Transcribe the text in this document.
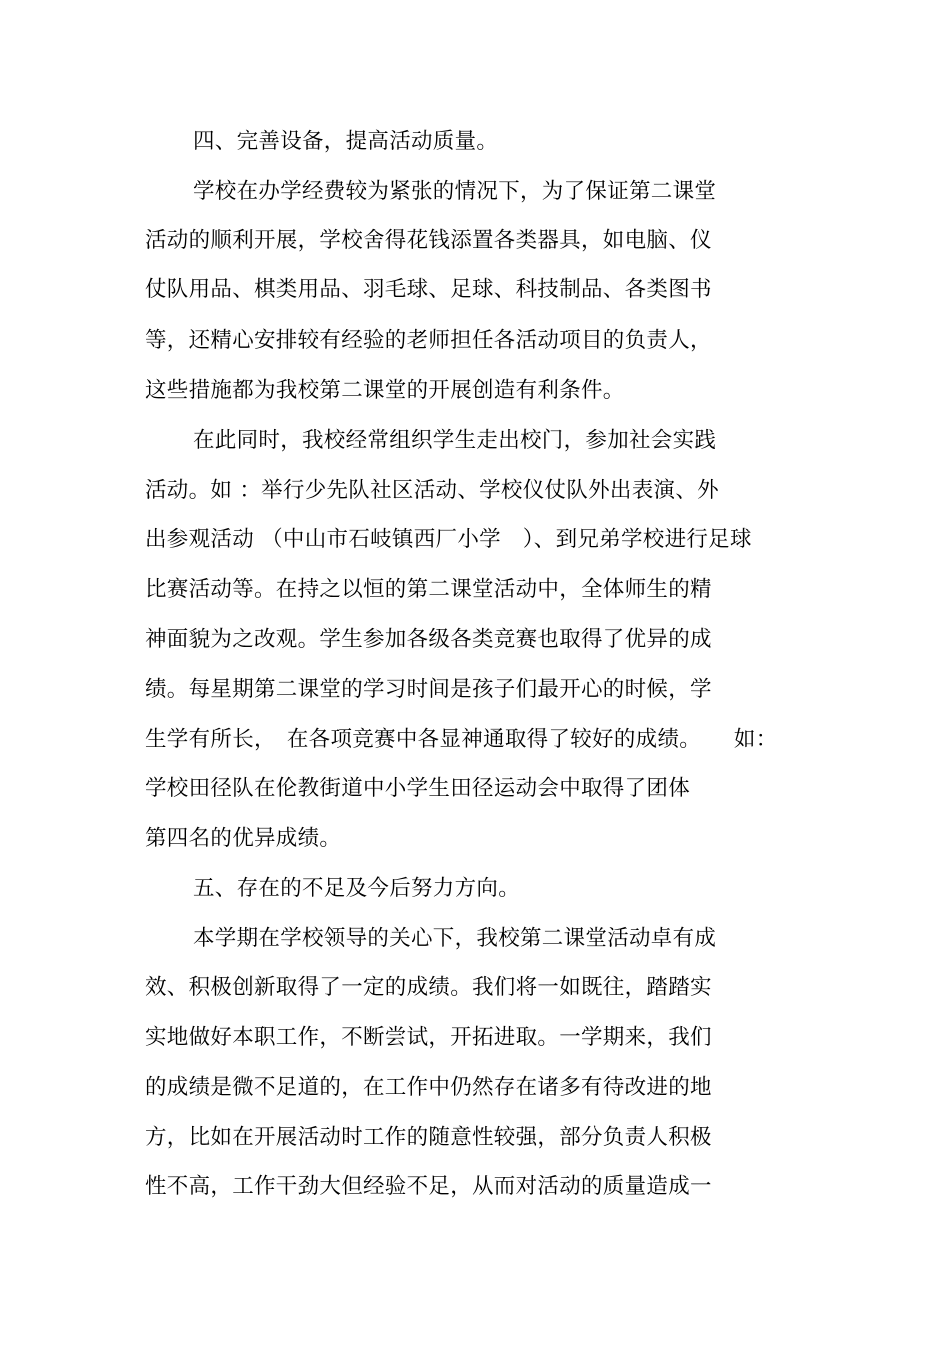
四、完善设备，提高活动质量。
学校在办学经费较为紧张的情况下，为了保证第二课堂
活动的顺利开展，学校舍得花钱添置各类器具，如电脑、仪
仗队用品、棋类用品、羽毛球、足球、科技制品、各类图书
等，还精心安排较有经验的老师担任各活动项目的负责人，
这些措施都为我校第二课堂的开展创造有利条件。
在此同时，我校经常组织学生走出校门，参加社会实践
活动。如 ：举行少先队社区活动、学校仪仗队外出表演、外
出参观活动 （中山市石岐镇西厂小学　）、到兄弟学校进行足球
比赛活动等。在持之以恒的第二课堂活动中，全体师生的精
神面貌为之改观。学生参加各级各类竞赛也取得了优异的成
绩。每星期第二课堂的学习时间是孩子们最开心的时候，学
生学有所长，　在各项竞赛中各显神通取得了较好的成绩。　　如：
学校田径队在伦教街道中小学生田径运动会中取得了团体
第四名的优异成绩。
五、存在的不足及今后努力方向。
本学期在学校领导的关心下，我校第二课堂活动卓有成
效、积极创新取得了一定的成绩。我们将一如既往，踏踏实
实地做好本职工作，不断尝试，开拓进取。一学期来，我们
的成绩是微不足道的，在工作中仍然存在诸多有待改进的地
方，比如在开展活动时工作的随意性较强，部分负责人积极
性不高，工作干劲大但经验不足，从而对活动的质量造成一
